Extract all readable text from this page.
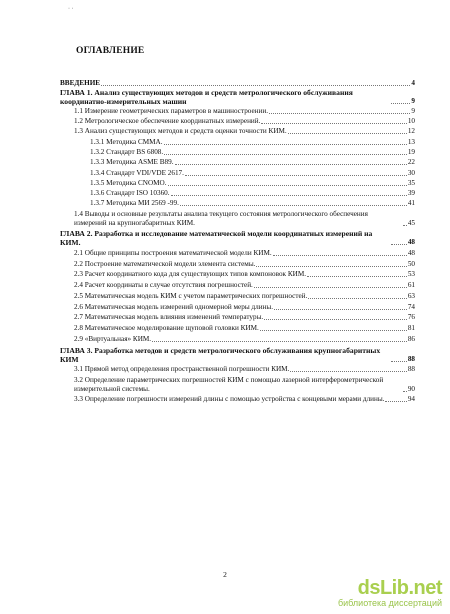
· ·
ОГЛАВЛЕНИЕ
ВВЕДЕНИЕ	4
ГЛАВА 1. Анализ существующих методов и средств метрологического обслуживания координатно-измерительных машин	9
1.1 Измерение геометрических параметров в машиностроении.	9
1.2 Метрологическое обеспечение координатных измерений.	10
1.3 Анализ существующих методов и средств оценки точности КИМ.	12
1.3.1 Методика CMMA.	13
1.3.2 Стандарт BS 6808.	19
1.3.3 Методика ASME B89.	22
1.3.4 Стандарт VDI/VDE 2617.	30
1.3.5 Методика CNOMO.	35
1.3.6 Стандарт ISO 10360.	39
1.3.7 Методика МИ 2569 -99.	41
1.4 Выводы и основные результаты анализа текущего состояния метрологического обеспечения измерений на крупногабаритных КИМ.	45
ГЛАВА 2. Разработка и исследование математической модели координатных измерений на КИМ.	48
2.1 Общие принципы построения математической модели КИМ.	48
2.2 Построение математической модели элемента системы.	50
2.3 Расчет координатного кода для существующих типов компоновок КИМ.	53
2.4 Расчет координаты в случае отсутствия погрешностей.	61
2.5 Математическая модель КИМ с учетом параметрических погрешностей.	63
2.6 Математическая модель измерений одномерной меры длины.	74
2.7 Математическая модель влияния изменений температуры.	76
2.8 Математическое моделирование щуповой головки КИМ.	81
2.9 «Виртуальная» КИМ.	86
ГЛАВА 3. Разработка методов и средств метрологического обслуживания крупногабаритных КИМ	88
3.1 Прямой метод определения пространственной погрешности КИМ.	88
3.2 Определение параметрических погрешностей КИМ с помощью лазерной интерферометрической измерительной системы.	90
3.3 Определение погрешности измерений длины с помощью устройства с концевыми мерами длины.	94
2
dsLib.net
библиотека диссертаций
